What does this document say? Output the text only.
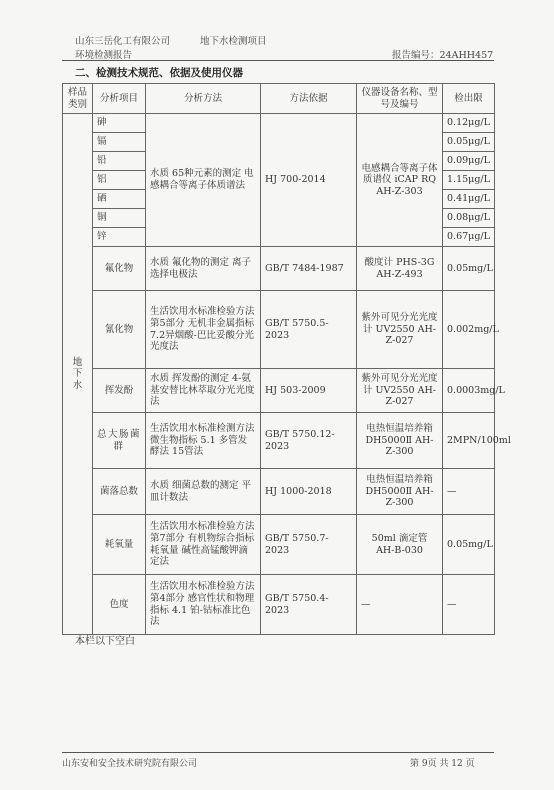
山东三岳化工有限公司	地下水检测项目
环境检测报告	报告编号：24AHH457
二、检测技术规范、依据及使用仪器
样品类别	分析项目	分析方法	方法依据	仪器设备名称、型号及编号	检出限
地 下 水	砷	水质 65种元素的测定 电感耦合等离子体质谱法	HJ 700-2014	电感耦合等离子体质谱仪 iCAP RQ AH-Z-303	0.12μg/L
	镉				0.05μg/L
	铅				0.09μg/L
	铝				1.15μg/L
	硒				0.41μg/L
	铜				0.08μg/L
	锌				0.67μg/L
	氟化物	水质 氟化物的测定 离子选择电极法	GB/T 7484-1987	酸度计 PHS-3G AH-Z-493	0.05mg/L
	氰化物	生活饮用水标准检验方法 第5部分 无机非金属指标 7.2异烟酸-巴比妥酸分光光度法	GB/T 5750.5-2023	紫外可见分光光度计 UV2550 AH-Z-027	0.002mg/L
	挥发酚	水质 挥发酚的测定 4-氨基安替比林萃取分光光度法	HJ 503-2009	紫外可见分光光度计 UV2550 AH-Z-027	0.0003mg/L
	总大肠菌群	生活饮用水标准检测方法 微生物指标 5.1 多管发酵法 15管法	GB/T 5750.12-2023	电热恒温培养箱 DH5000Ⅱ AH-Z-300	2MPN/100ml
	菌落总数	水质 细菌总数的测定 平皿计数法	HJ 1000-2018	电热恒温培养箱 DH5000Ⅱ AH-Z-300	—
	耗氧量	生活饮用水标准检验方法 第7部分 有机物综合指标 耗氧量 碱性高锰酸钾滴定法	GB/T 5750.7-2023	50ml 滴定管 AH-B-030	0.05mg/L
	色度	生活饮用水标准检验方法第4部分 感官性状和物理指标 4.1 铂-钴标准比色法	GB/T 5750.4-2023	—	—
本栏以下空白
山东安和安全技术研究院有限公司	第 9页 共 12 页
